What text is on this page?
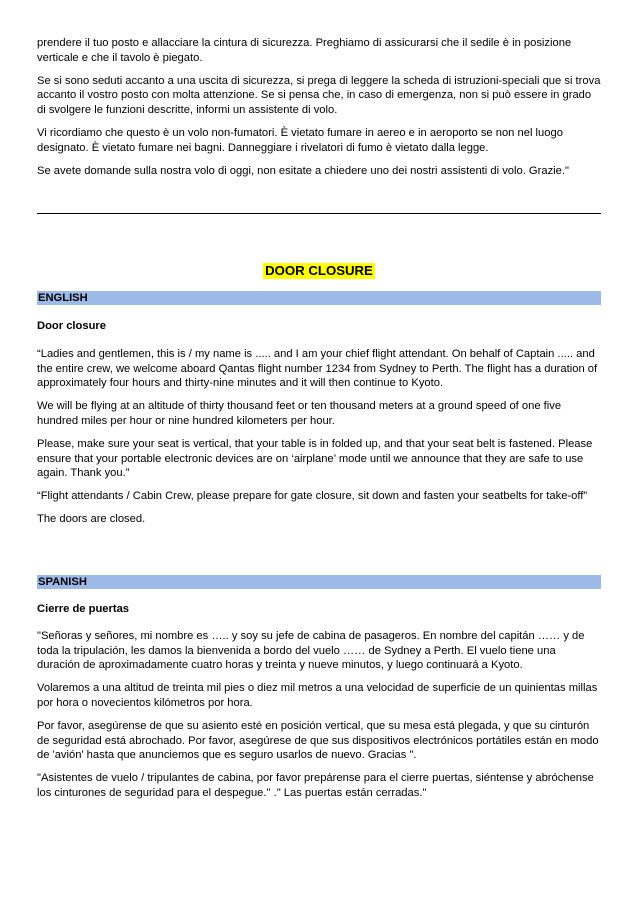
prendere il tuo posto e allacciare la cintura di sicurezza. Preghiamo di assicurarsi che il sedile è in posizione verticale e che il tavolo è piegato.

Se si sono seduti accanto a una uscita di sicurezza, si prega di leggere la scheda di istruzioni-speciali que si trova accanto il vostro posto con molta attenzione. Se si pensa che, in caso di emergenza, non si può essere in grado di svolgere le funzioni descritte, informi un assistente di volo.

Vi ricordiamo che questo è un volo non-fumatori. È vietato fumare in aereo e in aeroporto se non nel luogo designato. È vietato fumare nei bagni. Danneggiare i rivelatori di fumo è vietato dalla legge.

Se avete domande sulla nostra volo di oggi, non esitate a chiedere uno dei nostri assistenti di volo. Grazie."

DOOR CLOSURE
ENGLISH

Door closure

“Ladies and gentlemen, this is / my name is ..... and I am your chief flight attendant. On behalf of Captain ..... and the entire crew, we welcome aboard Qantas flight number 1234 from Sydney to Perth. The flight has a duration of approximately four hours and thirty-nine minutes and it will then continue to Kyoto.

We will be flying at an altitude of thirty thousand feet or ten thousand meters at a ground speed of one five hundred miles per hour or nine hundred kilometers per hour.

Please, make sure your seat is vertical, that your table is in folded up, and that your seat belt is fastened. Please ensure that your portable electronic devices are on ‘airplane’ mode until we announce that they are safe to use again. Thank you.”

“Flight attendants / Cabin Crew, please prepare for gate closure, sit down and fasten your seatbelts for take-off”

The doors are closed.

SPANISH

Cierre de puertas

"Señoras y señores, mi nombre es ….. y soy su jefe de cabina de pasageros. En nombre del capitán …… y de toda la tripulación, les damos la bienvenida a bordo del vuelo …… de Sydney a Perth. El vuelo tiene una duración de aproximadamente cuatro horas y treinta y nueve minutos, y luego continuará a Kyoto.

Volaremos a una altitud de treinta mil pies o diez mil metros a una velocidad de superficie de un quinientas millas por hora o novecientos kilómetros por hora.

Por favor, asegúrense de que su asiento esté en posición vertical, que su mesa está plegada, y que su cinturón de seguridad está abrochado. Por favor, asegúrese de que sus dispositivos electrónicos portátiles están en modo de 'avión' hasta que anunciemos que es seguro usarlos de nuevo. Gracias ".

"Asistentes de vuelo / tripulantes de cabina, por favor prepárense para el cierre puertas, siéntense y abróchense los cinturones de seguridad para el despegue." ." Las puertas están cerradas."
